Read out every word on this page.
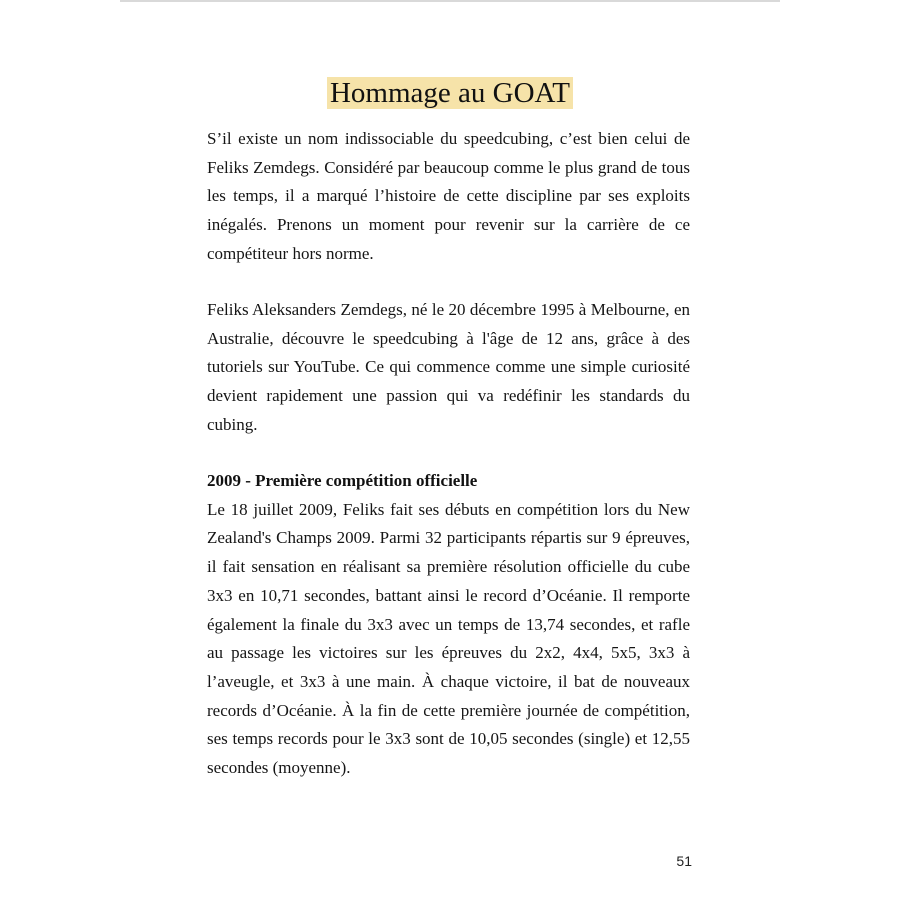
Hommage au GOAT

S’il existe un nom indissociable du speedcubing, c’est bien celui de Feliks Zemdegs. Considéré par beaucoup comme le plus grand de tous les temps, il a marqué l’histoire de cette discipline par ses exploits inégalés. Prenons un moment pour revenir sur la carrière de ce compétiteur hors norme.

Feliks Aleksanders Zemdegs, né le 20 décembre 1995 à Melbourne, en Australie, découvre le speedcubing à l'âge de 12 ans, grâce à des tutoriels sur YouTube. Ce qui commence comme une simple curiosité devient rapidement une passion qui va redéfinir les standards du cubing.

2009 - Première compétition officielle

Le 18 juillet 2009, Feliks fait ses débuts en compétition lors du New Zealand's Champs 2009. Parmi 32 participants répartis sur 9 épreuves, il fait sensation en réalisant sa première résolution officielle du cube 3x3 en 10,71 secondes, battant ainsi le record d’Océanie. Il remporte également la finale du 3x3 avec un temps de 13,74 secondes, et rafle au passage les victoires sur les épreuves du 2x2, 4x4, 5x5, 3x3 à l’aveugle, et 3x3 à une main. À chaque victoire, il bat de nouveaux records d’Océanie. À la fin de cette première journée de compétition, ses temps records pour le 3x3 sont de 10,05 secondes (single) et 12,55 secondes (moyenne).

51
